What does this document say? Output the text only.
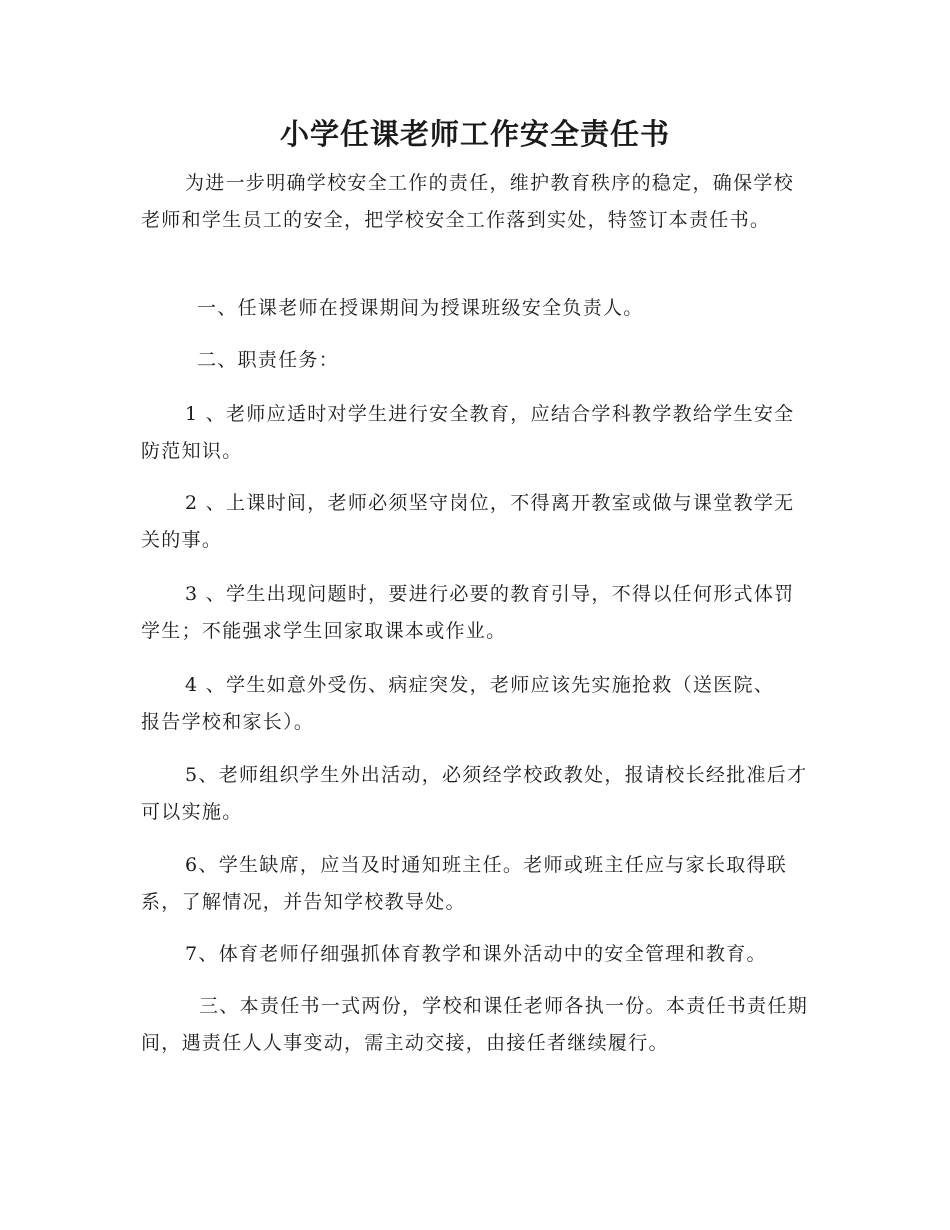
小学任课老师工作安全责任书
为进一步明确学校安全工作的责任，维护教育秩序的稳定，确保学校老师和学生员工的安全，把学校安全工作落到实处，特签订本责任书。
一、任课老师在授课期间为授课班级安全负责人。
二、职责任务：
1 、老师应适时对学生进行安全教育，应结合学科教学教给学生安全防范知识。
2 、上课时间，老师必须坚守岗位，不得离开教室或做与课堂教学无关的事。
3 、学生出现问题时，要进行必要的教育引导，不得以任何形式体罚学生；不能强求学生回家取课本或作业。
4 、学生如意外受伤、病症突发，老师应该先实施抢救（送医院、报告学校和家长）。
5、老师组织学生外出活动，必须经学校政教处，报请校长经批准后才可以实施。
6、学生缺席，应当及时通知班主任。老师或班主任应与家长取得联系，了解情况，并告知学校教导处。
7、体育老师仔细强抓体育教学和课外活动中的安全管理和教育。
三、本责任书一式两份，学校和课任老师各执一份。本责任书责任期间，遇责任人人事变动，需主动交接，由接任者继续履行。
